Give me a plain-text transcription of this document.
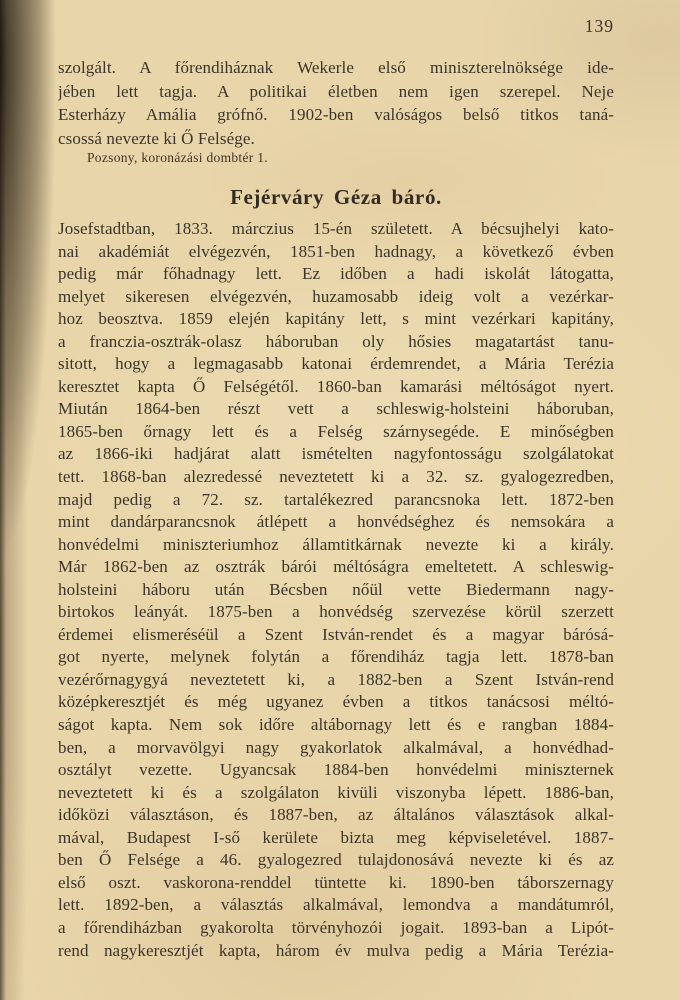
139
szolgált. A főrendiháznak Wekerle első miniszterelnöksége ide-
jében lett tagja. A politikai életben nem igen szerepel. Neje
Esterházy Amália grófnő. 1902-ben valóságos belső titkos taná-
csossá nevezte ki Ő Felsége.
Pozsony, koronázási dombtér 1.
Fejérváry Géza báró.
Josefstadtban, 1833. márczius 15-én született. A bécsujhelyi kato-
nai akadémiát elvégezvén, 1851-ben hadnagy, a következő évben
pedig már főhadnagy lett. Ez időben a hadi iskolát látogatta,
melyet sikeresen elvégezvén, huzamosabb ideig volt a vezérkar-
hoz beosztva. 1859 elején kapitány lett, s mint vezérkari kapitány,
a franczia-osztrák-olasz háboruban oly hősies magatartást tanu-
sitott, hogy a legmagasabb katonai érdemrendet, a Mária Terézia
keresztet kapta Ő Felségétől. 1860-ban kamarási méltóságot nyert.
Miután 1864-ben részt vett a schleswig-holsteini háboruban,
1865-ben őrnagy lett és a Felség szárnysegéde. E minőségben
az 1866-iki hadjárat alatt ismételten nagyfontosságu szolgálatokat
tett. 1868-ban alezredessé neveztetett ki a 32. sz. gyalogezredben,
majd pedig a 72. sz. tartalékezred parancsnoka lett. 1872-ben
mint dandárparancsnok átlépett a honvédséghez és nemsokára a
honvédelmi miniszteriumhoz államtitkárnak nevezte ki a király.
Már 1862-ben az osztrák bárói méltóságra emeltetett. A schleswig-
holsteini háboru után Bécsben nőül vette Biedermann nagy-
birtokos leányát. 1875-ben a honvédség szervezése körül szerzett
érdemei elismeréséül a Szent István-rendet és a magyar bárósá-
got nyerte, melynek folytán a főrendiház tagja lett. 1878-ban
vezérőrnagygyá neveztetett ki, a 1882-ben a Szent István-rend
középkeresztjét és még ugyanez évben a titkos tanácsosi méltó-
ságot kapta. Nem sok időre altábornagy lett és e rangban 1884-
ben, a morvavölgyi nagy gyakorlatok alkalmával, a honvédhad-
osztályt vezette. Ugyancsak 1884-ben honvédelmi miniszternek
neveztetett ki és a szolgálaton kivüli viszonyba lépett. 1886-ban,
időközi választáson, és 1887-ben, az általános választások alkal-
mával, Budapest I-ső kerülete bizta meg képviseletével. 1887-
ben Ő Felsége a 46. gyalogezred tulajdonosává nevezte ki és az
első oszt. vaskorona-renddel tüntette ki. 1890-ben táborszernagy
lett. 1892-ben, a választás alkalmával, lemondva a mandátumról,
a főrendiházban gyakorolta törvényhozói jogait. 1893-ban a Lipót-
rend nagykeresztjét kapta, három év mulva pedig a Mária Terézia-
